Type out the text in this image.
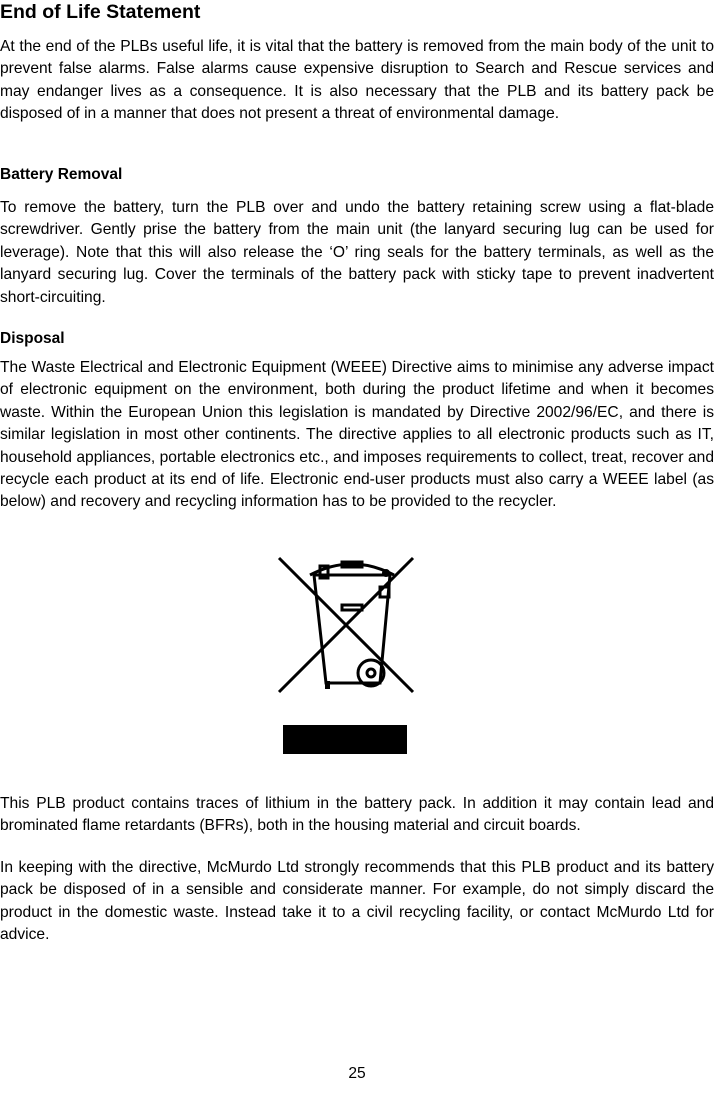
End of Life Statement

At the end of the PLBs useful life, it is vital that the battery is removed from the main body of the unit to prevent false alarms. False alarms cause expensive disruption to Search and Rescue services and may endanger lives as a consequence. It is also necessary that the PLB and its battery pack be disposed of in a manner that does not present a threat of environmental damage.

Battery Removal

To remove the battery, turn the PLB over and undo the battery retaining screw using a flat-blade screwdriver. Gently prise the battery from the main unit (the lanyard securing lug can be used for leverage). Note that this will also release the ‘O’ ring seals for the battery terminals, as well as the lanyard securing lug. Cover the terminals of the battery pack with sticky tape to prevent inadvertent short-circuiting.

Disposal

The Waste Electrical and Electronic Equipment (WEEE) Directive aims to minimise any adverse impact of electronic equipment on the environment, both during the product lifetime and when it becomes waste. Within the European Union this legislation is mandated by Directive 2002/96/EC, and there is similar legislation in most other continents. The directive applies to all electronic products such as IT, household appliances, portable electronics etc., and imposes requirements to collect, treat, recover and recycle each product at its end of life. Electronic end-user products must also carry a WEEE label (as below) and recovery and recycling information has to be provided to the recycler.

This PLB product contains traces of lithium in the battery pack. In addition it may contain lead and brominated flame retardants (BFRs), both in the housing material and circuit boards.

In keeping with the directive, McMurdo Ltd strongly recommends that this PLB product and its battery pack be disposed of in a sensible and considerate manner. For example, do not simply discard the product in the domestic waste. Instead take it to a civil recycling facility, or contact McMurdo Ltd for advice.

25
